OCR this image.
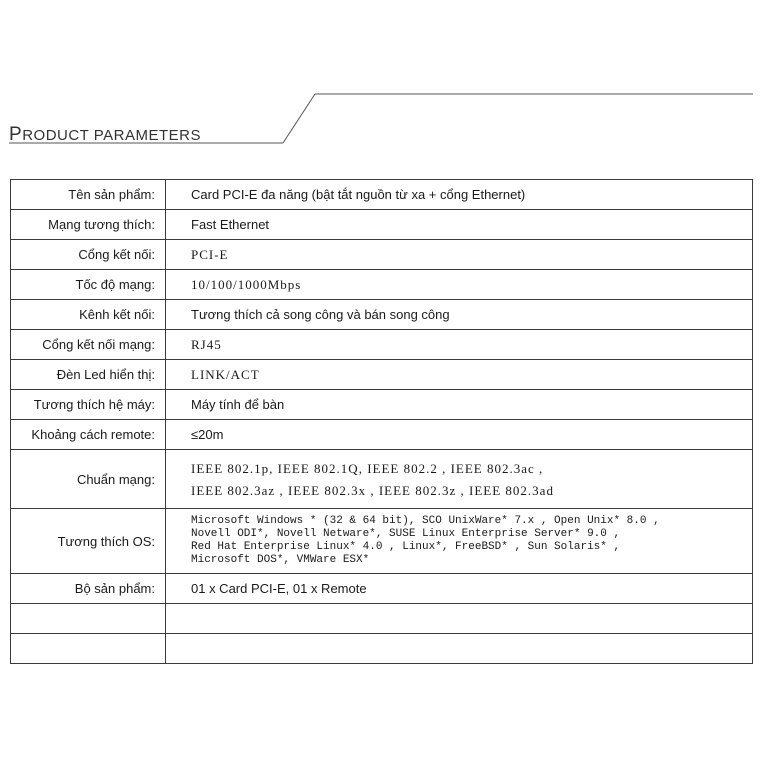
PRODUCT PARAMETERS
Tên sản phẩm:	Card PCI-E đa năng (bật tắt nguồn từ xa + cổng Ethernet)
Mạng tương thích:	Fast Ethernet
Cổng kết nối:	PCI-E
Tốc độ mạng:	10/100/1000Mbps
Kênh kết nối:	Tương thích cả song công và bán song công
Cổng kết nối mạng:	RJ45
Đèn Led hiển thị:	LINK/ACT
Tương thích hệ máy:	Máy tính để bàn
Khoảng cách remote:	≤20m
Chuẩn mạng:	IEEE 802.1p, IEEE 802.1Q, IEEE 802.2 , IEEE 802.3ac ,
IEEE 802.3az , IEEE 802.3x , IEEE 802.3z , IEEE 802.3ad

Tương thích OS:	Microsoft Windows * (32 & 64 bit), SCO UnixWare* 7.x , Open Unix* 8.0 ,
Novell ODI*, Novell Netware*, SUSE Linux Enterprise Server* 9.0 ,
Red Hat Enterprise Linux* 4.0 , Linux*, FreeBSD* , Sun Solaris* ,
Microsoft DOS*, VMWare ESX*

Bộ sản phẩm:	01 x Card PCI-E, 01 x Remote
